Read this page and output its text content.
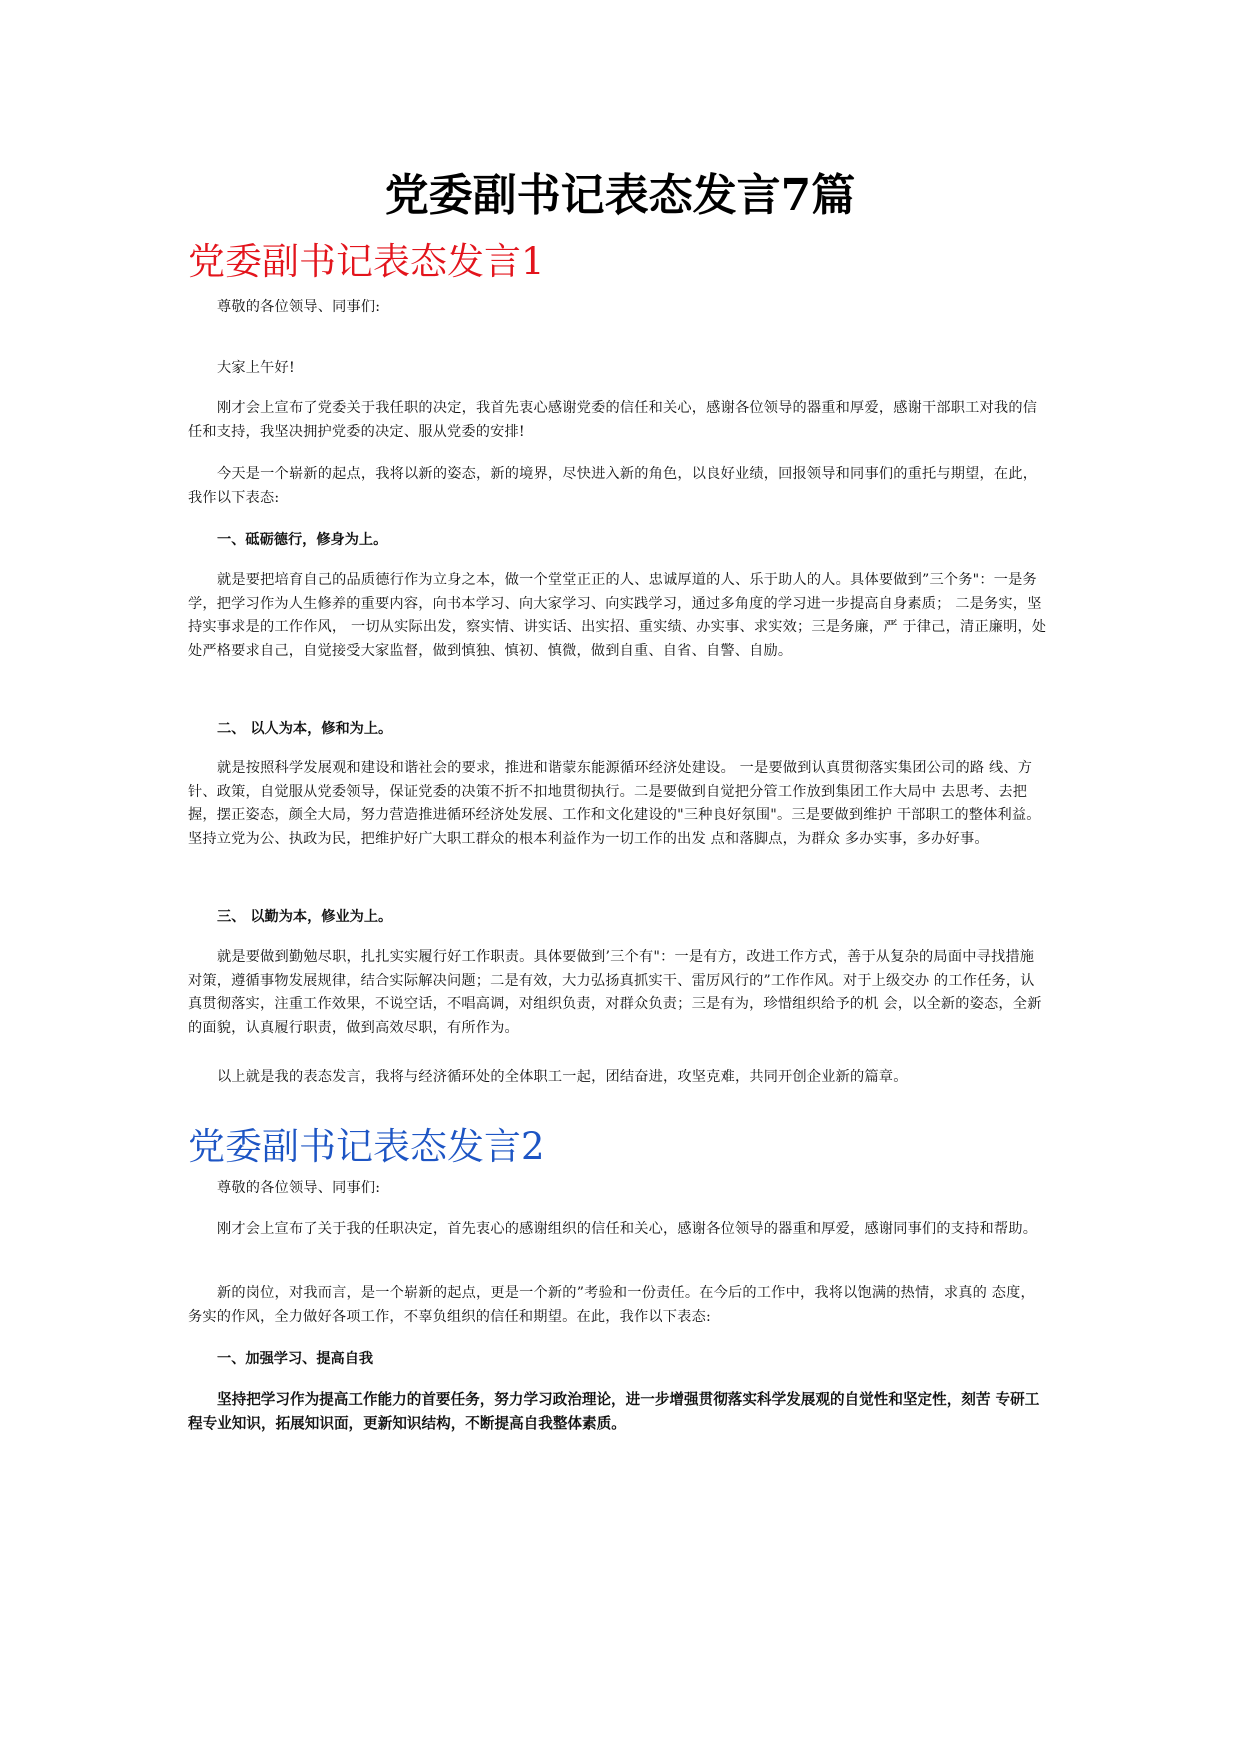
党委副书记表态发言7篇
党委副书记表态发言1

尊敬的各位领导、同事们:

大家上午好!

刚才会上宣布了党委关于我任职的决定，我首先衷心感谢党委的信任和关心，感谢各位领导的器重和厚爱，感谢干部职工对我的信任和支持，我坚决拥护党委的决定、服从党委的安排!

今天是一个崭新的起点，我将以新的姿态，新的境界，尽快进入新的角色，以良好业绩，回报领导和同事们的重托与期望，在此，我作以下表态:

一、砥砺德行，修身为上。

就是要把培育自己的品质德行作为立身之本，做一个堂堂正正的人、忠诚厚道的人、乐于助人的人。具体要做到”三个务"：一是务学，把学习作为人生修养的重要内容，向书本学习、向大家学习、向实践学习，通过多角度的学习进一步提高自身素质； 二是务实，坚持实事求是的工作作风， 一切从实际出发，察实情、讲实话、出实招、重实绩、办实事、求实效；三是务廉，严 于律己，清正廉明，处处严格要求自己，自觉接受大家监督，做到慎独、慎初、慎微，做到自重、自省、自警、自励。

二、 以人为本，修和为上。

就是按照科学发展观和建设和谐社会的要求，推进和谐蒙东能源循环经济处建设。 一是要做到认真贯彻落实集团公司的路 线、方针、政策，自觉服从党委领导，保证党委的决策不折不扣地贯彻执行。二是要做到自觉把分管工作放到集团工作大局中 去思考、去把握，摆正姿态，颜全大局，努力营造推进循环经济处发展、工作和文化建设的"三种良好氛围"。三是要做到维护 干部职工的整体利益。坚持立党为公、执政为民，把维护好广大职工群众的根本利益作为一切工作的出发 点和落脚点，为群众 多办实事，多办好事。

三、 以勤为本，修业为上。

就是要做到勤勉尽职，扎扎实实履行好工作职责。具体要做到’三个有"：一是有方，改进工作方式，善于从复杂的局面中寻找措施对策，遵循事物发展规律，结合实际解决问题；二是有效，大力弘扬真抓实干、雷厉风行的”工作作风。对于上级交办 的工作任务，认真贯彻落实，注重工作效果，不说空话，不唱高调，对组织负责，对群众负责；三是有为，珍惜组织给予的机 会，以全新的姿态，全新的面貌，认真履行职责，做到高效尽职，有所作为。

以上就是我的表态发言，我将与经济循环处的全体职工一起，团结奋进，攻坚克难，共同开创企业新的篇章。

党委副书记表态发言2

尊敬的各位领导、同事们:

刚才会上宣布了关于我的任职决定，首先衷心的感谢组织的信任和关心，感谢各位领导的器重和厚爱，感谢同事们的支持和帮助。

新的岗位，对我而言，是一个崭新的起点，更是一个新的”考验和一份责任。在今后的工作中，我将以饱满的热情，求真的 态度，务实的作风，全力做好各项工作，不辜负组织的信任和期望。在此，我作以下表态:

一、加强学习、提高自我

坚持把学习作为提高工作能力的首要任务，努力学习政治理论，进一步增强贯彻落实科学发展观的自觉性和坚定性，刻苦 专研工程专业知识，拓展知识面，更新知识结构，不断提高自我整体素质。
